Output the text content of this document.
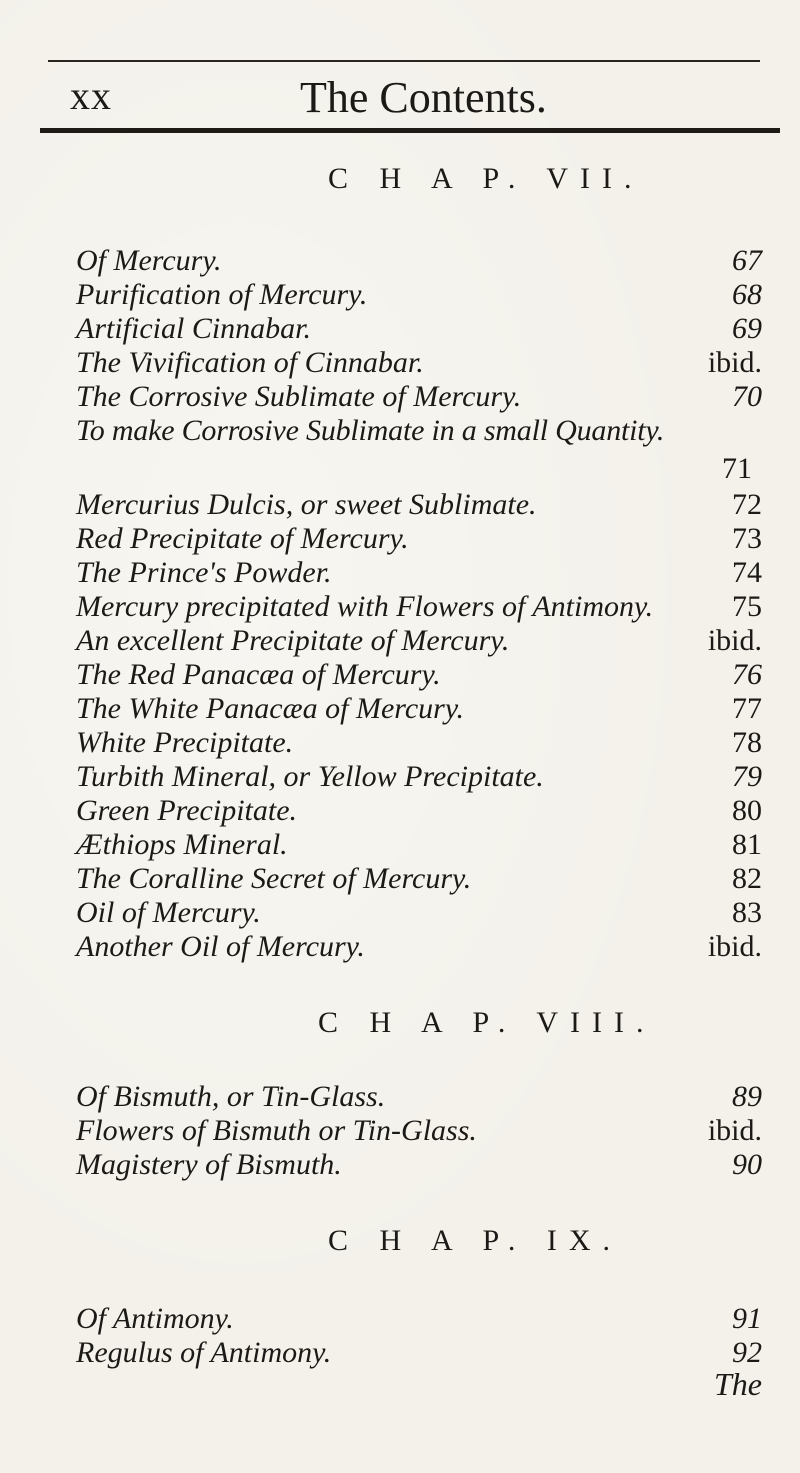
xx	The Contents.
C H A P. VII.
Of Mercury.	67
Purification of Mercury.	68
Artificial Cinnabar.	69
The Vivification of Cinnabar.	ibid.
The Corrosive Sublimate of Mercury.	70
To make Corrosive Sublimate in a small Quantity.
71
Mercurius Dulcis, or sweet Sublimate.	72
Red Precipitate of Mercury.	73
The Prince's Powder.	74
Mercury precipitated with Flowers of Antimony.	75
An excellent Precipitate of Mercury.	ibid.
The Red Panacæa of Mercury.	76
The White Panacæa of Mercury.	77
White Precipitate.	78
Turbith Mineral, or Yellow Precipitate.	79
Green Precipitate.	80
Æthiops Mineral.	81
The Coralline Secret of Mercury.	82
Oil of Mercury.	83
Another Oil of Mercury.	ibid.
C H A P. VIII.
Of Bismuth, or Tin-Glass.	89
Flowers of Bismuth or Tin-Glass.	ibid.
Magistery of Bismuth.	90
C H A P. IX.
Of Antimony.	91
Regulus of Antimony.	92
The
